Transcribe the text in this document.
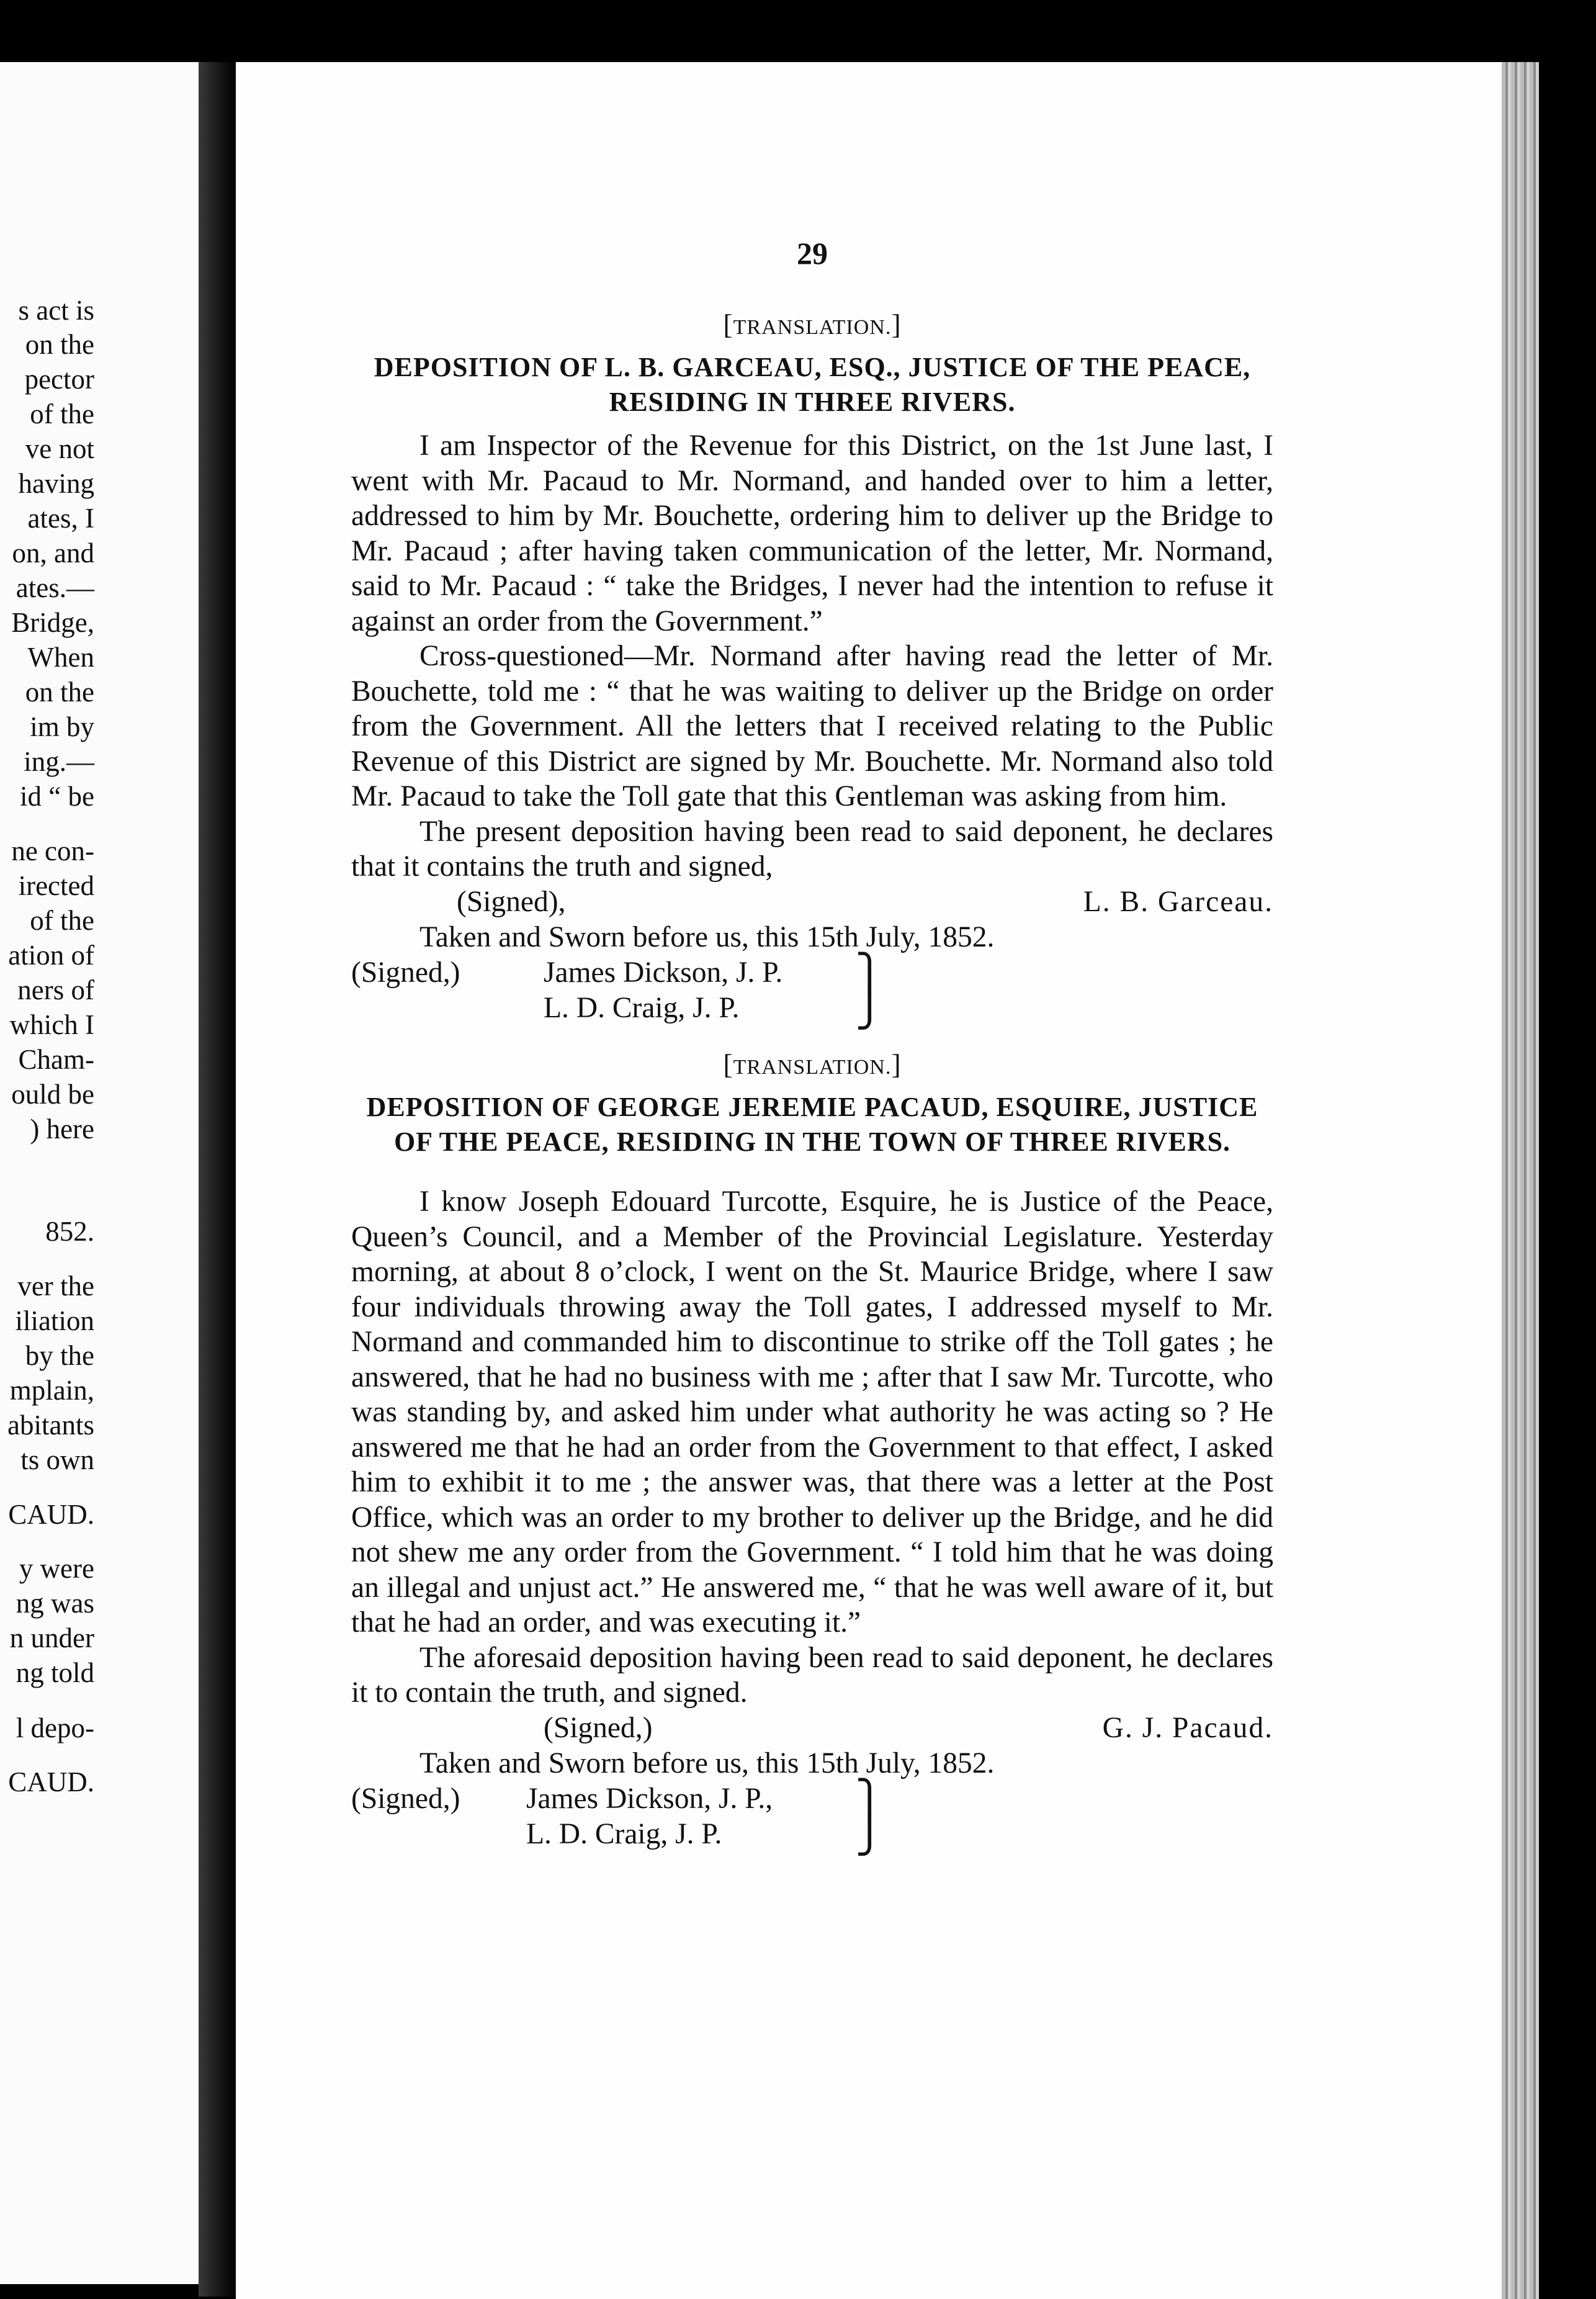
s act is
on the
pector
of the
ve not
having
ates, I
on, and
ates.—
Bridge,
When
on the
im by
ing.—
id “ be
ne con-
irected
of the
ation of
ners of
which I
Cham-
ould be
) here
852.
ver the
iliation
by the
mplain,
abitants
ts own
CAUD.
y were
ng was
n under
ng told
l depo-
CAUD.
29
[TRANSLATION.]
DEPOSITION OF L. B. GARCEAU, ESQ., JUSTICE OF THE PEACE, RESIDING IN THREE RIVERS.

I am Inspector of the Revenue for this District, on the 1st June last, I went with Mr. Pacaud to Mr. Normand, and handed over to him a letter, addressed to him by Mr. Bouchette, ordering him to deliver up the Bridge to Mr. Pacaud ; after having taken communication of the letter, Mr. Normand, said to Mr. Pacaud : “ take the Bridges, I never had the intention to refuse it against an order from the Government.”

Cross-questioned—Mr. Normand after having read the letter of Mr. Bouchette, told me : “ that he was waiting to deliver up the Bridge on order from the Government. All the letters that I received relating to the Public Revenue of this District are signed by Mr. Bouchette. Mr. Normand also told Mr. Pacaud to take the Toll gate that this Gentleman was asking from him.

The present deposition having been read to said deponent, he declares that it contains the truth and signed,

(Signed),	L. B. Garceau.
Taken and Sworn before us, this 15th July, 1852.
(Signed,)	James Dickson, J. P. ⎫
L. D. Craig, J. P.	⎭
[TRANSLATION.]
DEPOSITION OF GEORGE JEREMIE PACAUD, ESQUIRE, JUSTICE OF THE PEACE, RESIDING IN THE TOWN OF THREE RIVERS.

I know Joseph Edouard Turcotte, Esquire, he is Justice of the Peace, Queen’s Council, and a Member of the Provincial Legislature. Yesterday morning, at about 8 o’clock, I went on the St. Maurice Bridge, where I saw four individuals throwing away the Toll gates, I addressed myself to Mr. Normand and commanded him to discontinue to strike off the Toll gates ; he answered, that he had no business with me ; after that I saw Mr. Turcotte, who was standing by, and asked him under what authority he was acting so ? He answered me that he had an order from the Government to that effect, I asked him to exhibit it to me ; the answer was, that there was a letter at the Post Office, which was an order to my brother to deliver up the Bridge, and he did not shew me any order from the Government. “ I told him that he was doing an illegal and unjust act.” He answered me, “ that he was well aware of it, but that he had an order, and was executing it.”

The aforesaid deposition having been read to said deponent, he declares it to contain the truth, and signed.

(Signed,)	G. J. Pacaud.
Taken and Sworn before us, this 15th July, 1852.
(Signed,) James Dickson, J. P., ⎫
L. D. Craig, J. P.	⎭
